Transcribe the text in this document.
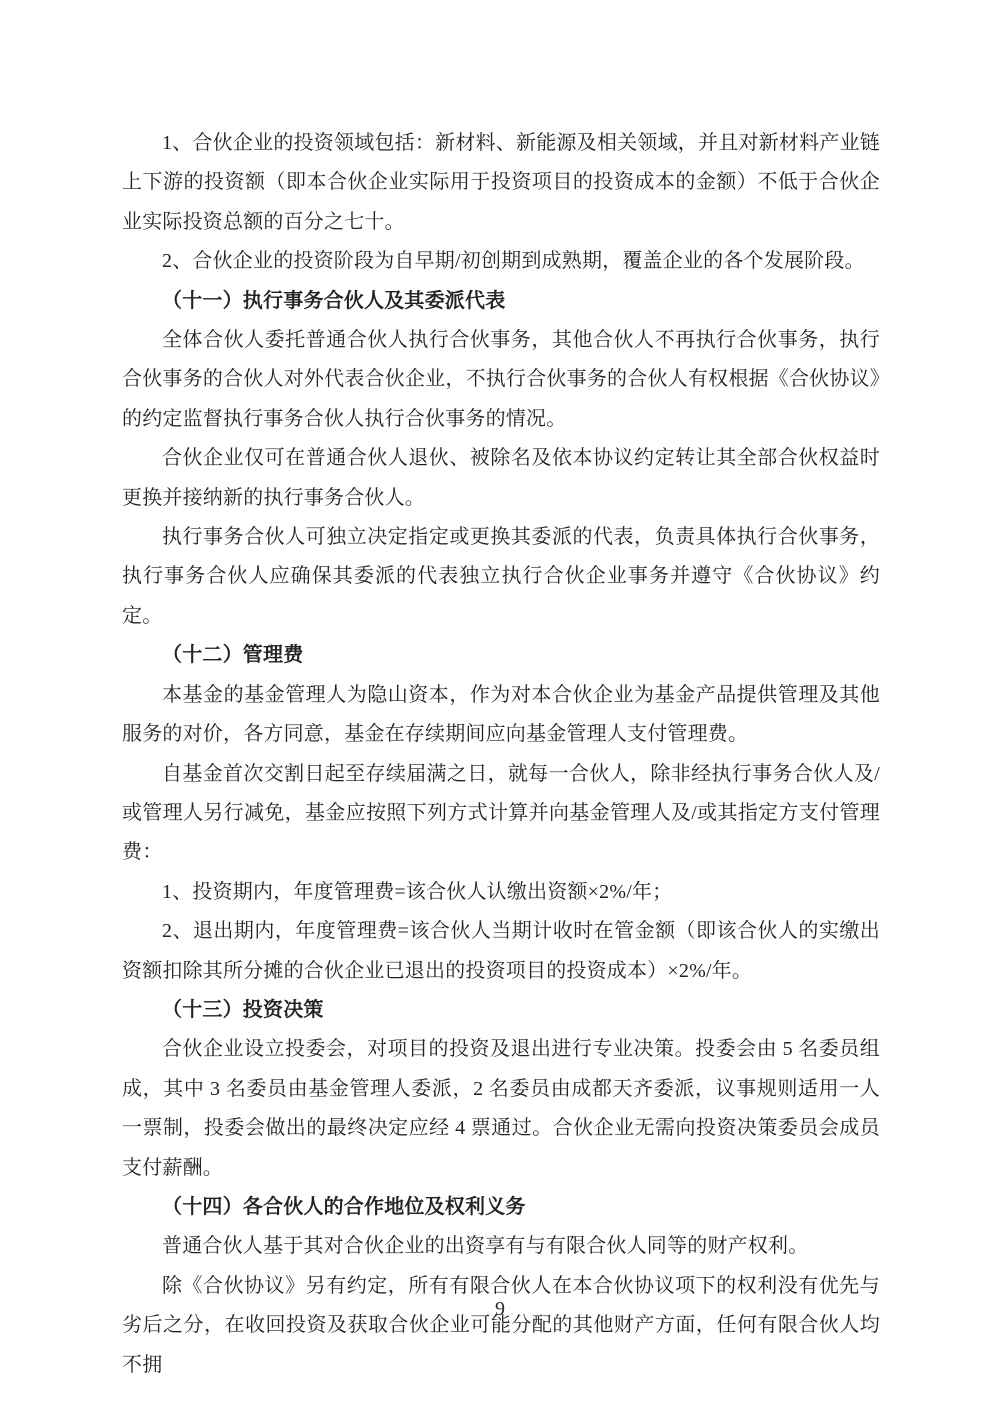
1、合伙企业的投资领域包括：新材料、新能源及相关领域，并且对新材料产业链上下游的投资额（即本合伙企业实际用于投资项目的投资成本的金额）不低于合伙企业实际投资总额的百分之七十。

2、合伙企业的投资阶段为自早期/初创期到成熟期，覆盖企业的各个发展阶段。

（十一）执行事务合伙人及其委派代表

全体合伙人委托普通合伙人执行合伙事务，其他合伙人不再执行合伙事务，执行合伙事务的合伙人对外代表合伙企业，不执行合伙事务的合伙人有权根据《合伙协议》的约定监督执行事务合伙人执行合伙事务的情况。

合伙企业仅可在普通合伙人退伙、被除名及依本协议约定转让其全部合伙权益时更换并接纳新的执行事务合伙人。

执行事务合伙人可独立决定指定或更换其委派的代表，负责具体执行合伙事务，执行事务合伙人应确保其委派的代表独立执行合伙企业事务并遵守《合伙协议》约定。

（十二）管理费

本基金的基金管理人为隐山资本，作为对本合伙企业为基金产品提供管理及其他服务的对价，各方同意，基金在存续期间应向基金管理人支付管理费。

自基金首次交割日起至存续届满之日，就每一合伙人，除非经执行事务合伙人及/或管理人另行减免，基金应按照下列方式计算并向基金管理人及/或其指定方支付管理费：

1、投资期内，年度管理费=该合伙人认缴出资额×2%/年；

2、退出期内，年度管理费=该合伙人当期计收时在管金额（即该合伙人的实缴出资额扣除其所分摊的合伙企业已退出的投资项目的投资成本）×2%/年。

（十三）投资决策

合伙企业设立投委会，对项目的投资及退出进行专业决策。投委会由 5 名委员组成，其中 3 名委员由基金管理人委派，2 名委员由成都天齐委派，议事规则适用一人一票制，投委会做出的最终决定应经 4 票通过。合伙企业无需向投资决策委员会成员支付薪酬。

（十四）各合伙人的合作地位及权利义务

普通合伙人基于其对合伙企业的出资享有与有限合伙人同等的财产权利。

除《合伙协议》另有约定，所有有限合伙人在本合伙协议项下的权利没有优先与劣后之分，在收回投资及获取合伙企业可能分配的其他财产方面，任何有限合伙人均不拥

9
